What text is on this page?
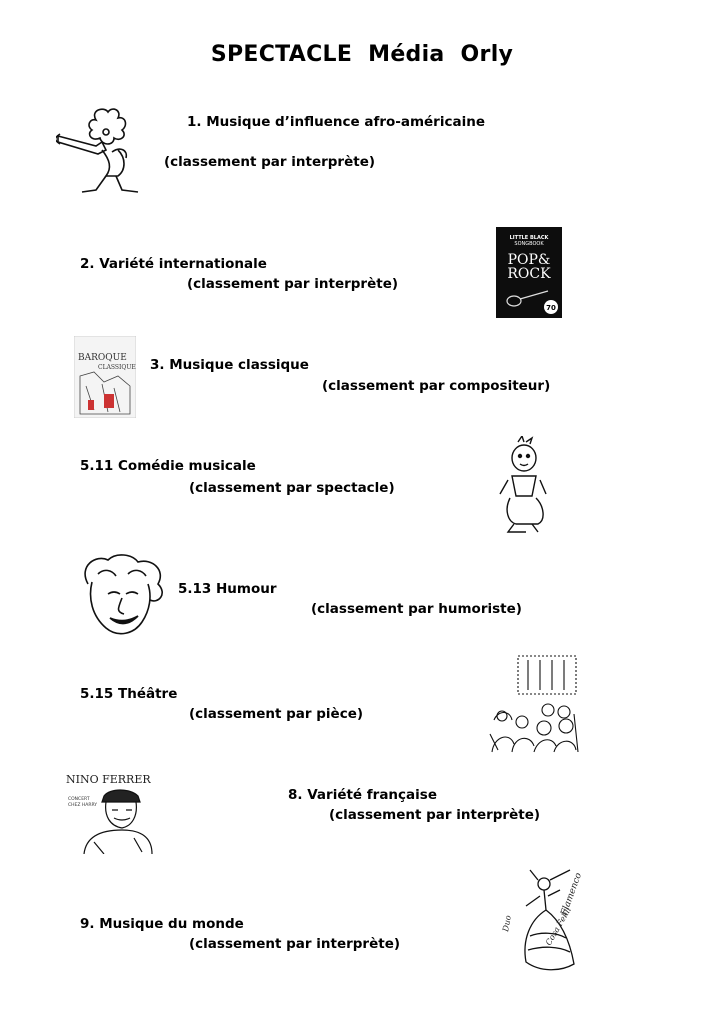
SPECTACLE Média Orly
1. Musique d’influence afro-américaine
(classement par interprète)
LITTLE BLACK
SONGBOOK
POP&
ROCK
70
2. Variété internationale
(classement par interprète)
BAROQUE
CLASSIQUE 3. Musique classique
(classement par compositeur)
5.11 Comédie musicale
(classement par spectacle)
5.13 Humour
(classement par humoriste)
5.15 Théâtre
(classement par pièce)
NINO FERRER
CONCERT
CHEZ HARRY
8. Variété française
(classement par interprète)
Flamenco
Cosa Felili
Duo
9. Musique du monde
(classement par interprète)
